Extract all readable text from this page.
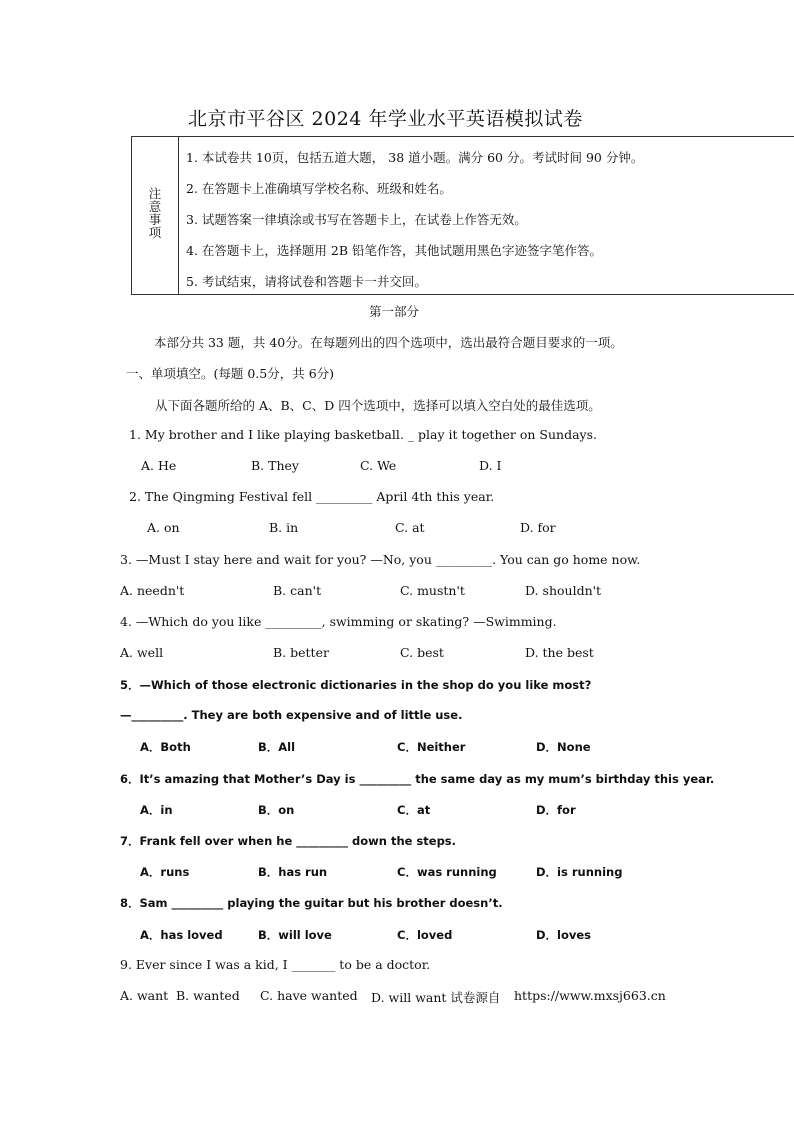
北京市平谷区 2024 年学业水平英语模拟试卷
注意事项
1. 本试卷共 10页，包括五道大题， 38 道小题。满分 60 分。考试时间 90 分钟。
2. 在答题卡上准确填写学校名称、班级和姓名。
3. 试题答案一律填涂或书写在答题卡上，在试卷上作答无效。
4. 在答题卡上，选择题用 2B 铅笔作答，其他试题用黑色字迹签字笔作答。
5. 考试结束，请将试卷和答题卡一并交回。
第一部分
本部分共 33 题，共 40分。在每题列出的四个选项中，选出最符合题目要求的一项。
一、单项填空。(每题 0.5分，共 6分)
从下面各题所给的 A、B、C、D 四个选项中，选择可以填入空白处的最佳选项。
1. My brother and I like playing basketball. _ play it together on Sundays.
A. He	B. They	C. We	D. I
2. The Qingming Festival fell _________ April 4th this year.
A. on	B. in	C. at	D. for
3. —Must I stay here and wait for you? —No, you _________. You can go home now.
A. needn't	B. can't	C. mustn't	D. shouldn't
4. —Which do you like _________, swimming or skating? —Swimming.
A. well	B. better	C. best	D. the best
5．—Which of those electronic dictionaries in the shop do you like most?
—_________. They are both expensive and of little use.
A．Both	B．All	C．Neither	D．None
6．It’s amazing that Mother’s Day is _________ the same day as my mum’s birthday this year.
A．in	B．on	C．at	D．for
7．Frank fell over when he _________ down the steps.
A．runs	B．has run	C．was running	D．is running
8．Sam _________ playing the guitar but his brother doesn’t.
A．has loved	B．will love	C．loved	D．loves
9. Ever since I was a kid, I _______ to be a doctor.
A. want B. wanted C. have wanted D. will want 试卷源自 https://www.mxsj663.cn
